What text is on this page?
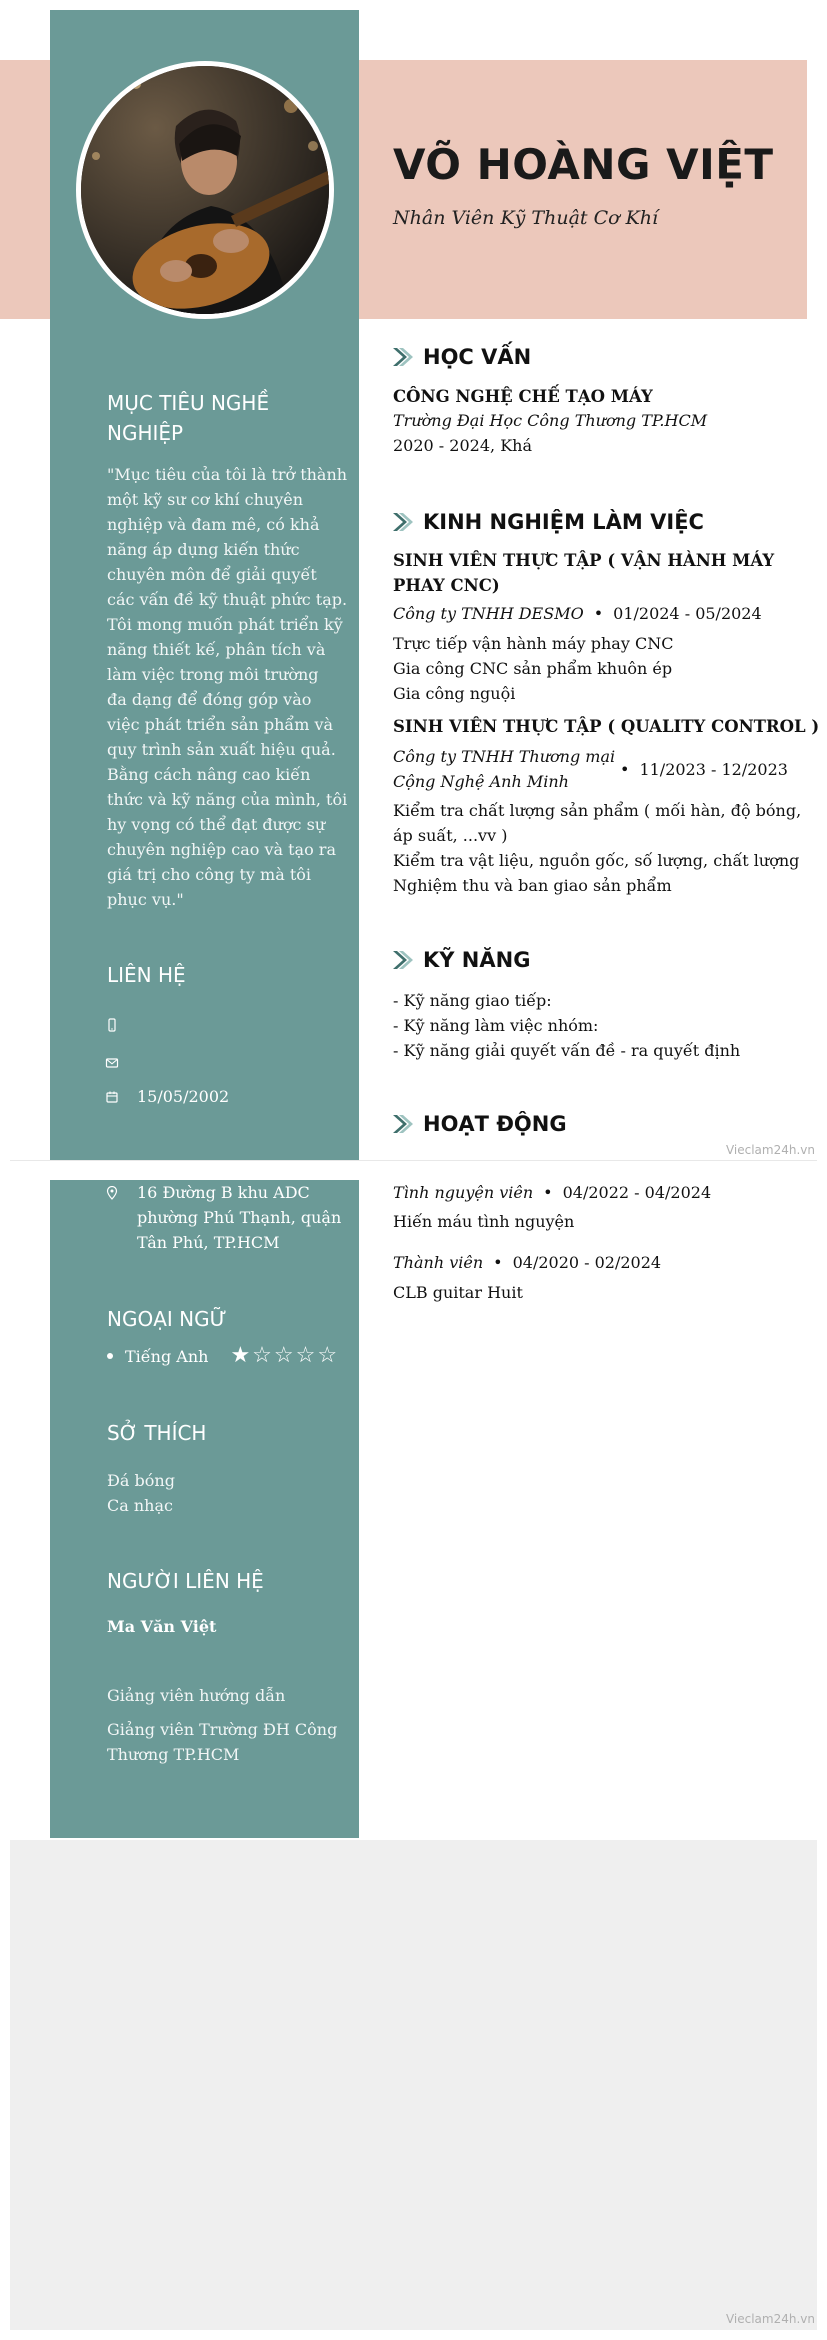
VÕ HOÀNG VIỆT
Nhân Viên Kỹ Thuật Cơ Khí
MỤC TIÊU NGHỀ
NGHIỆP
"Mục tiêu của tôi là trở thành
một kỹ sư cơ khí chuyên
nghiệp và đam mê, có khả
năng áp dụng kiến thức
chuyên môn để giải quyết
các vấn đề kỹ thuật phức tạp.
Tôi mong muốn phát triển kỹ
năng thiết kế, phân tích và
làm việc trong môi trường
đa dạng để đóng góp vào
việc phát triển sản phẩm và
quy trình sản xuất hiệu quả.
Bằng cách nâng cao kiến
thức và kỹ năng của mình, tôi
hy vọng có thể đạt được sự
chuyên nghiệp cao và tạo ra
giá trị cho công ty mà tôi
phục vụ."
LIÊN HỆ
15/05/2002
16 Đường B khu ADC
phường Phú Thạnh, quận
Tân Phú, TP.HCM
NGOẠI NGỮ
Tiếng Anh ★ ☆ ☆ ☆ ☆
SỞ THÍCH
Đá bóng
Ca nhạc
NGƯỜI LIÊN HỆ
Ma Văn Việt
Giảng viên hướng dẫn
Giảng viên Trường ĐH Công
Thương TP.HCM
HỌC VẤN
CÔNG NGHỆ CHẾ TẠO MÁY
Trường Đại Học Công Thương TP.HCM
2020 - 2024, Khá
KINH NGHIỆM LÀM VIỆC
SINH VIÊN THỰC TẬP ( VẬN HÀNH MÁY
PHAY CNC)
Công ty TNHH DESMO • 01/2024 - 05/2024
Trực tiếp vận hành máy phay CNC
Gia công CNC sản phẩm khuôn ép
Gia công nguội
SINH VIÊN THỰC TẬP ( QUALITY CONTROL )
Công ty TNHH Thương mại
Cộng Nghệ Anh Minh
• 11/2023 - 12/2023
Kiểm tra chất lượng sản phẩm ( mối hàn, độ bóng,
áp suất, ...vv )
Kiểm tra vật liệu, nguồn gốc, số lượng, chất lượng
Nghiệm thu và ban giao sản phẩm
KỸ NĂNG
- Kỹ năng giao tiếp:
- Kỹ năng làm việc nhóm:
- Kỹ năng giải quyết vấn đề - ra quyết định
HOẠT ĐỘNG
Vieclam24h.vn
Tình nguyện viên • 04/2022 - 04/2024
Hiến máu tình nguyện
Thành viên • 04/2020 - 02/2024
CLB guitar Huit
Vieclam24h.vn
